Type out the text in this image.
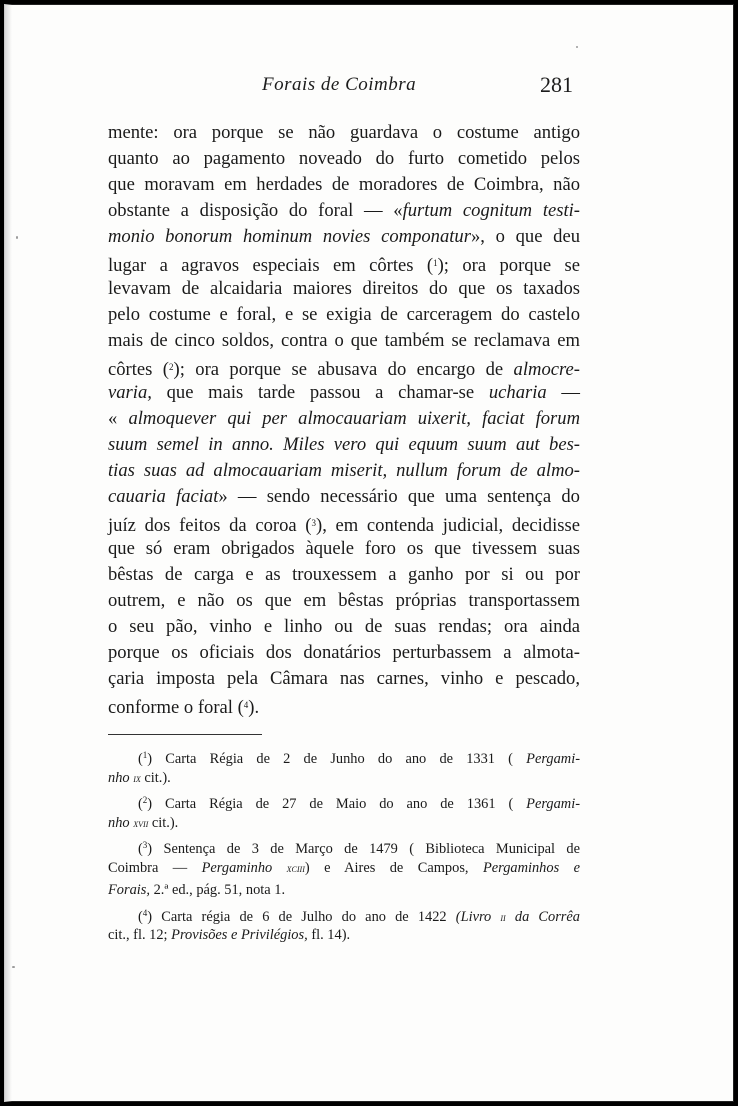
Forais de Coimbra	281
mente: ora porque se não guardava o costume antigo
quanto ao pagamento noveado do furto cometido pelos
que moravam em herdades de moradores de Coimbra, não
obstante a disposição do foral — «furtum cognitum testi-
monio bonorum hominum novies componatur», o que deu
lugar a agravos especiais em côrtes ($^1$); ora porque se
levavam de alcaidaria maiores direitos do que os taxados
pelo costume e foral, e se exigia de carceragem do castelo
mais de cinco soldos, contra o que também se reclamava em
côrtes ($^2$); ora porque se abusava do encargo de almocre-
varia, que mais tarde passou a chamar-se ucharia —
« almoquever qui per almocauariam uixerit, faciat forum
suum semel in anno. Miles vero qui equum suum aut bes-
tias suas ad almocauariam miserit, nullum forum de almo-
cauaria faciat» — sendo necessário que uma sentença do
juíz dos feitos da coroa ($^3$), em contenda judicial, decidisse
que só eram obrigados àquele foro os que tivessem suas
bêstas de carga e as trouxessem a ganho por si ou por
outrem, e não os que em bêstas próprias transportassem
o seu pão, vinho e linho ou de suas rendas; ora ainda
porque os oficiais dos donatários perturbassem a almota-
çaria imposta pela Câmara nas carnes, vinho e pescado,
conforme o foral ($^4$).
($^1$) Carta Régia de 2 de Junho do ano de 1331 ( Pergami-
nho ix cit.).
($^2$) Carta Régia de 27 de Maio do ano de 1361 ( Pergami-
nho xvii cit.).
($^3$) Sentença de 3 de Março de 1479 ( Biblioteca Municipal de
Coimbra — Pergaminho xciii) e Aires de Campos, Pergaminhos e
Forais, 2.ª ed., pág. 51, nota 1.
($^4$) Carta régia de 6 de Julho do ano de 1422 (Livro ii da Corrêa
cit., fl. 12; Provisões e Privilégios, fl. 14).
